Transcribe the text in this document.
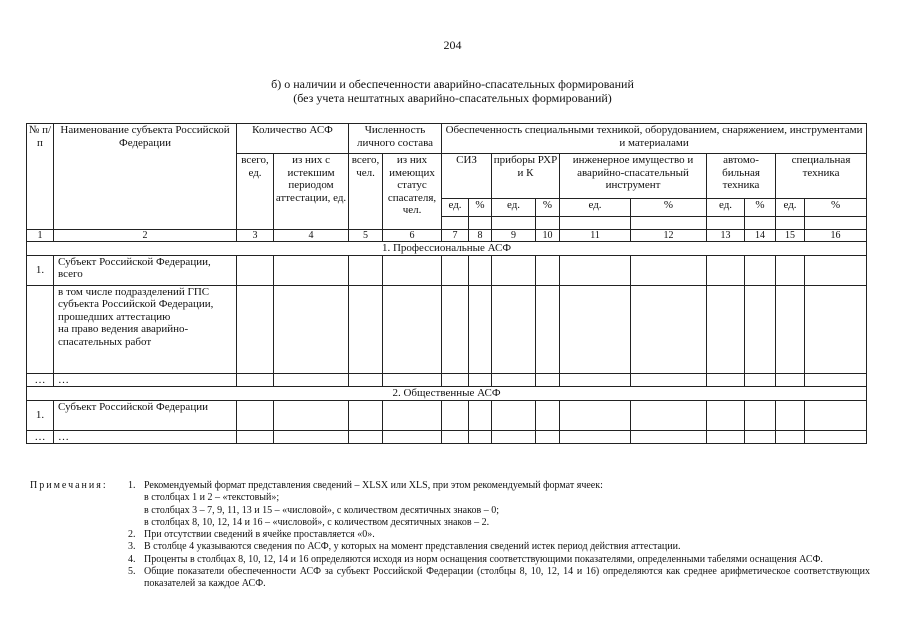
204
б) о наличии и обеспеченности аварийно-спасательных формирований
(без учета нештатных аварийно-спасательных формирований)
№ п/п	Наименование субъекта Российской Федерации	Количество АСФ		Численность личного состава		Обеспеченность специальными техникой, оборудованием, снаряжением, инструментами и материалами									
		всего, ед.	из них с истекшим периодом аттестации, ед.	всего, чел.	из них имеющих статус спасателя, чел.	СИЗ		приборы РХР и К		инженерное имущество и аварийно-спасательный инструмент		автомо-бильная техника		специальная техника	
						ед.	%	ед.	%	ед.	%	ед.	%	ед.	%

1	2	3	4	5	6	7	8	9	10	11	12	13	14	15	16
1. Профессиональные АСФ															
1.	Субъект Российской Федерации, всего														

	в том числе подразделений ГПС субъекта Российской Федерации, прошедших аттестацию
на право ведения аварийно-спасательных работ														

…	…														
2. Общественные АСФ															
1.	Субъект Российской Федерации														
…	…														
Примечания: 1. Рекомендуемый формат представления сведений – XLSX или XLS, при этом рекомендуемый формат ячеек:
в столбцах 1 и 2 – «текстовый»;
в столбцах 3 – 7, 9, 11, 13 и 15 – «числовой», с количеством десятичных знаков – 0;
в столбцах 8, 10, 12, 14 и 16 – «числовой», с количеством десятичных знаков – 2.
2. При отсутствии сведений в ячейке проставляется «0».
3. В столбце 4 указываются сведения по АСФ, у которых на момент представления сведений истек период действия аттестации.
4. Проценты в столбцах 8, 10, 12, 14 и 16 определяются исходя из норм оснащения соответствующими показателями, определенными табелями оснащения АСФ.
5. Общие показатели обеспеченности АСФ за субъект Российской Федерации (столбцы 8, 10, 12, 14 и 16) определяются как среднее арифметическое соответствующих показателей за каждое АСФ.
